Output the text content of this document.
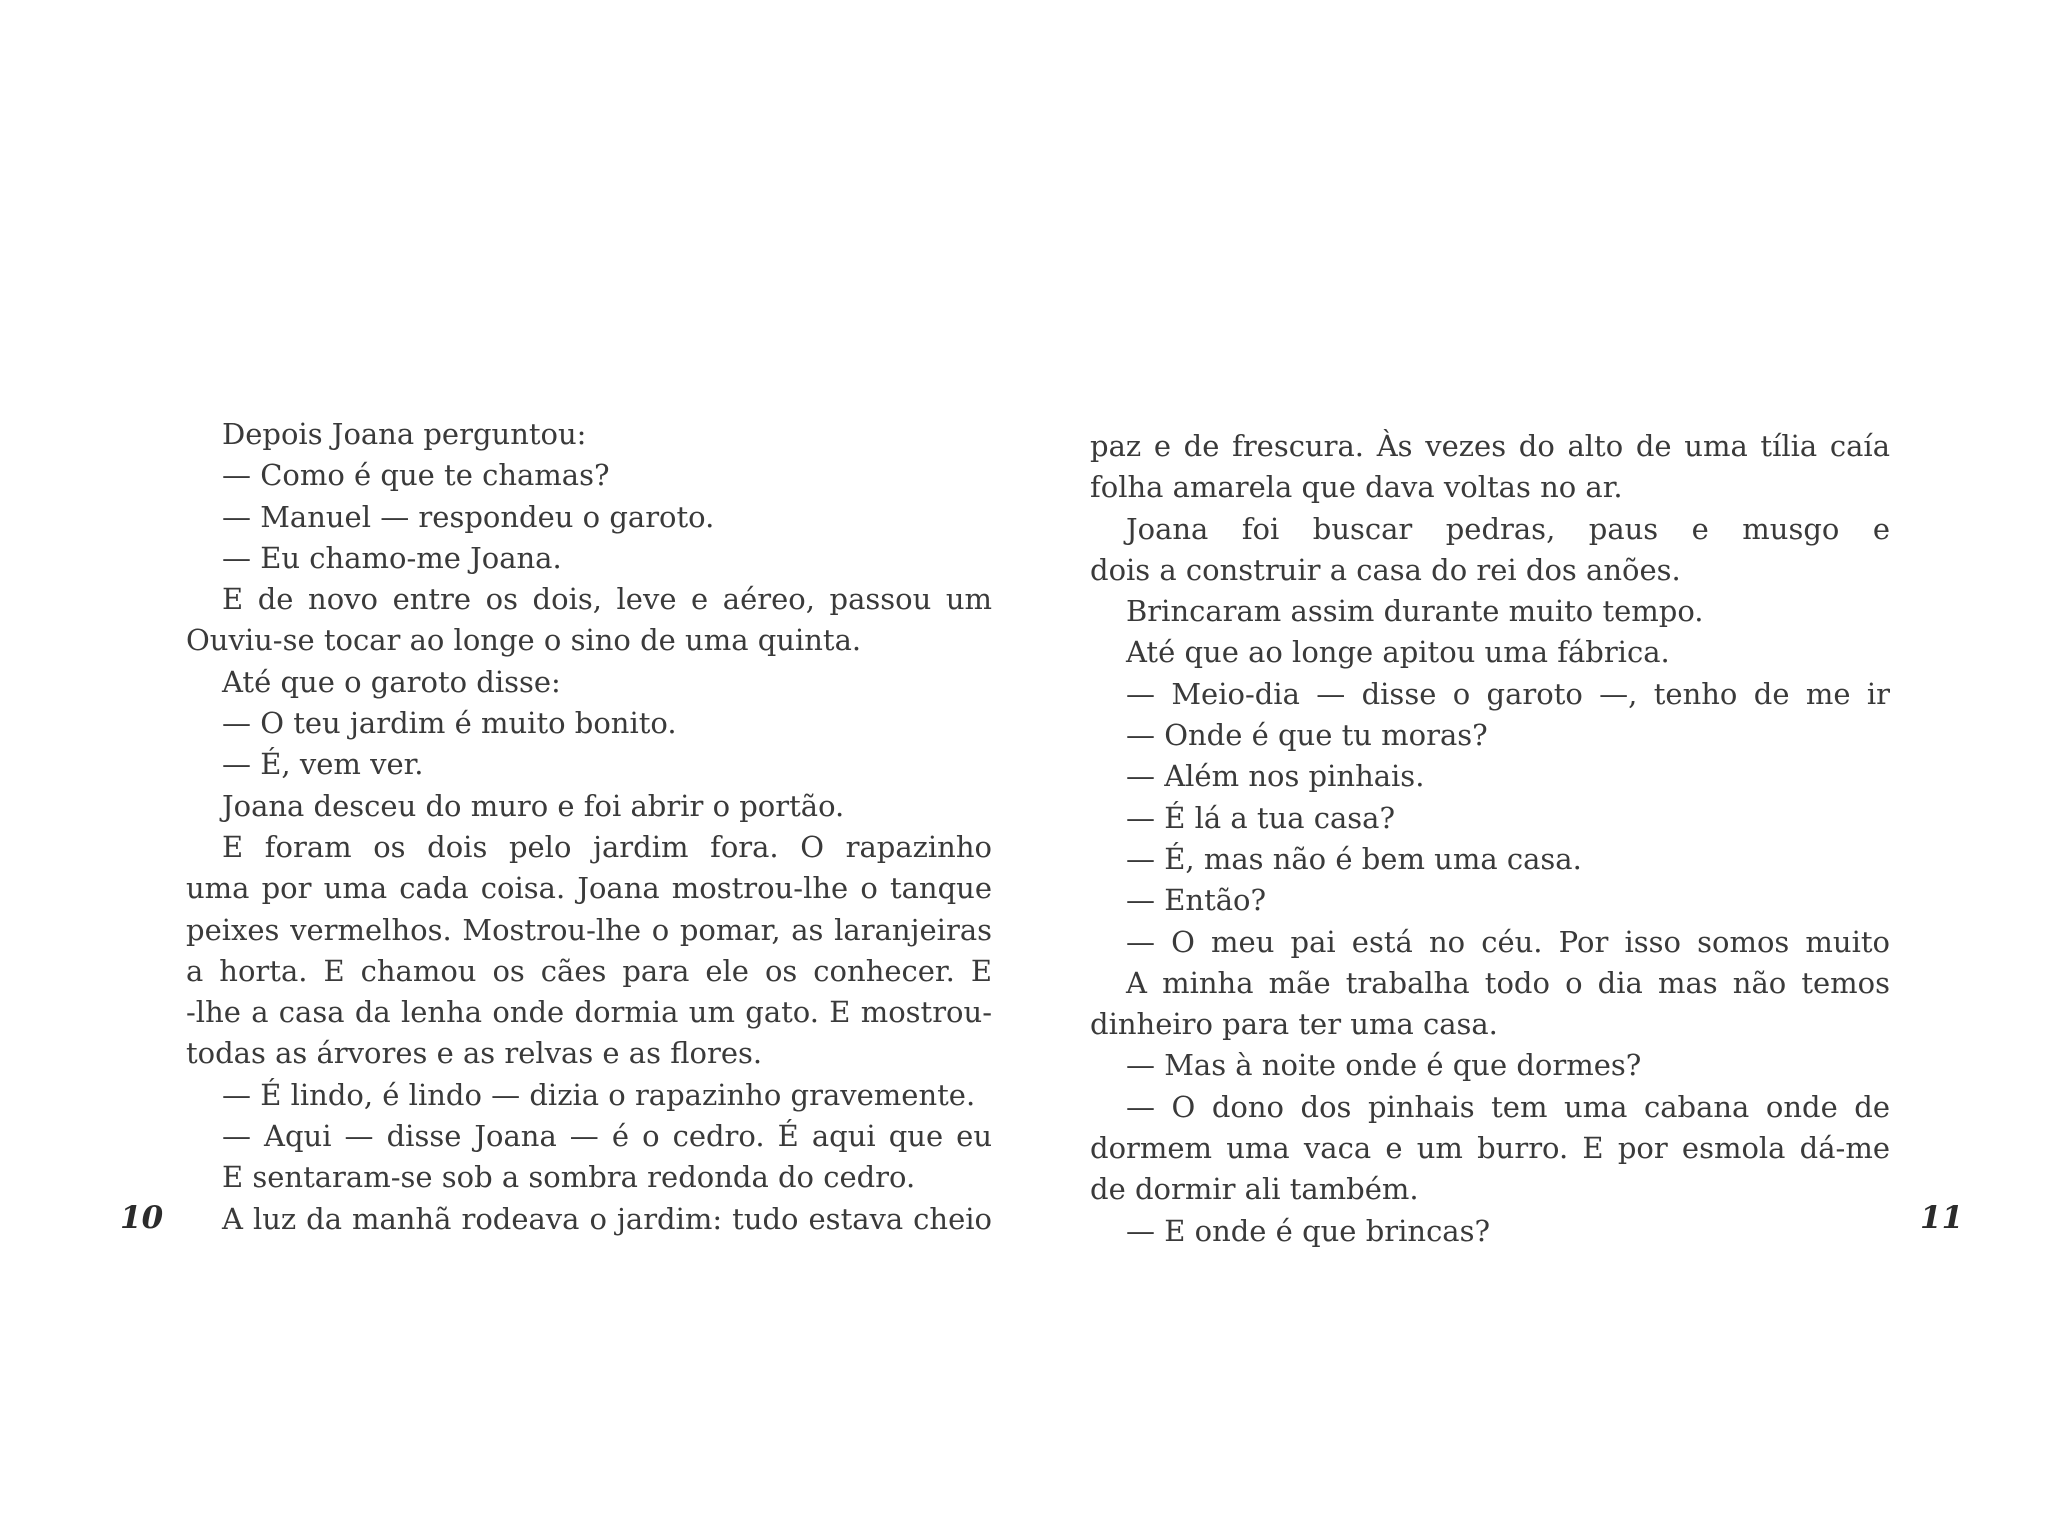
Depois Joana perguntou:
— Como é que te chamas?
— Manuel — respondeu o garoto.
— Eu chamo-me Joana.
E de novo entre os dois, leve e aéreo, passou um
Ouviu-se tocar ao longe o sino de uma quinta.
Até que o garoto disse:
— O teu jardim é muito bonito.
— É, vem ver.
Joana desceu do muro e foi abrir o portão.
E foram os dois pelo jardim fora. O rapazinho
uma por uma cada coisa. Joana mostrou-lhe o tanque
peixes vermelhos. Mostrou-lhe o pomar, as laranjeiras
a horta. E chamou os cães para ele os conhecer. E
-lhe a casa da lenha onde dormia um gato. E mostrou-
todas as árvores e as relvas e as flores.
— É lindo, é lindo — dizia o rapazinho gravemente.
— Aqui — disse Joana — é o cedro. É aqui que eu
E sentaram-se sob a sombra redonda do cedro.
A luz da manhã rodeava o jardim: tudo estava cheio
10
paz e de frescura. Às vezes do alto de uma tília caía
folha amarela que dava voltas no ar.
Joana foi buscar pedras, paus e musgo e
dois a construir a casa do rei dos anões.
Brincaram assim durante muito tempo.
Até que ao longe apitou uma fábrica.
— Meio-dia — disse o garoto —, tenho de me ir
— Onde é que tu moras?
— Além nos pinhais.
— É lá a tua casa?
— É, mas não é bem uma casa.
— Então?
— O meu pai está no céu. Por isso somos muito
A minha mãe trabalha todo o dia mas não temos
dinheiro para ter uma casa.
— Mas à noite onde é que dormes?
— O dono dos pinhais tem uma cabana onde de
dormem uma vaca e um burro. E por esmola dá-me
de dormir ali também.
— E onde é que brincas?	11
